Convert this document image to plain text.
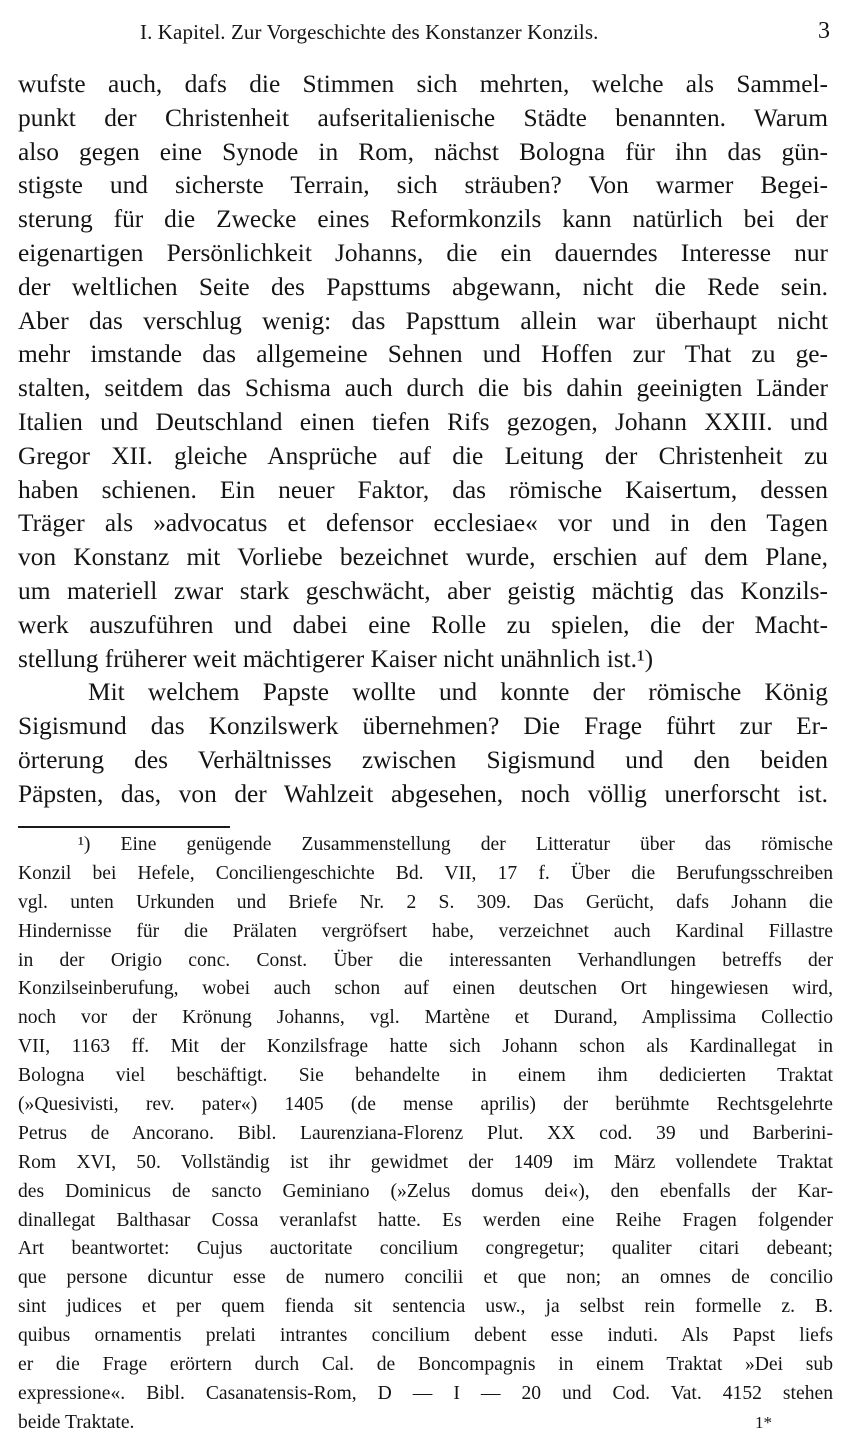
I. Kapitel. Zur Vorgeschichte des Konstanzer Konzils.	3
wufste auch, dafs die Stimmen sich mehrten, welche als Sammel-
punkt der Christenheit aufseritalienische Städte benannten. Warum
also gegen eine Synode in Rom, nächst Bologna für ihn das gün-
stigste und sicherste Terrain, sich sträuben? Von warmer Begei-
sterung für die Zwecke eines Reformkonzils kann natürlich bei der
eigenartigen Persönlichkeit Johanns, die ein dauerndes Interesse nur
der weltlichen Seite des Papsttums abgewann, nicht die Rede sein.
Aber das verschlug wenig: das Papsttum allein war überhaupt nicht
mehr imstande das allgemeine Sehnen und Hoffen zur That zu ge-
stalten, seitdem das Schisma auch durch die bis dahin geeinigten Länder
Italien und Deutschland einen tiefen Rifs gezogen, Johann XXIII. und
Gregor XII. gleiche Ansprüche auf die Leitung der Christenheit zu
haben schienen. Ein neuer Faktor, das römische Kaisertum, dessen
Träger als »advocatus et defensor ecclesiae« vor und in den Tagen
von Konstanz mit Vorliebe bezeichnet wurde, erschien auf dem Plane,
um materiell zwar stark geschwächt, aber geistig mächtig das Konzils-
werk auszuführen und dabei eine Rolle zu spielen, die der Macht-
stellung früherer weit mächtigerer Kaiser nicht unähnlich ist.¹)
Mit welchem Papste wollte und konnte der römische König
Sigismund das Konzilswerk übernehmen? Die Frage führt zur Er-
örterung des Verhältnisses zwischen Sigismund und den beiden
Päpsten, das, von der Wahlzeit abgesehen, noch völlig unerforscht ist.
¹) Eine genügende Zusammenstellung der Litteratur über das römische
Konzil bei Hefele, Conciliengeschichte Bd. VII, 17 f. Über die Berufungsschreiben
vgl. unten Urkunden und Briefe Nr. 2 S. 309. Das Gerücht, dafs Johann die
Hindernisse für die Prälaten vergröfsert habe, verzeichnet auch Kardinal Fillastre
in der Origio conc. Const. Über die interessanten Verhandlungen betreffs der
Konzilseinberufung, wobei auch schon auf einen deutschen Ort hingewiesen wird,
noch vor der Krönung Johanns, vgl. Martène et Durand, Amplissima Collectio
VII, 1163 ff. Mit der Konzilsfrage hatte sich Johann schon als Kardinallegat in
Bologna viel beschäftigt. Sie behandelte in einem ihm dedicierten Traktat
(»Quesivisti, rev. pater«) 1405 (de mense aprilis) der berühmte Rechtsgelehrte
Petrus de Ancorano. Bibl. Laurenziana-Florenz Plut. XX cod. 39 und Barberini-
Rom XVI, 50. Vollständig ist ihr gewidmet der 1409 im März vollendete Traktat
des Dominicus de sancto Geminiano (»Zelus domus dei«), den ebenfalls der Kar-
dinallegat Balthasar Cossa veranlafst hatte. Es werden eine Reihe Fragen folgender
Art beantwortet: Cujus auctoritate concilium congregetur; qualiter citari debeant;
que persone dicuntur esse de numero concilii et que non; an omnes de concilio
sint judices et per quem fienda sit sentencia usw., ja selbst rein formelle z. B.
quibus ornamentis prelati intrantes concilium debent esse induti. Als Papst liefs
er die Frage erörtern durch Cal. de Boncompagnis in einem Traktat »Dei sub
expressione«. Bibl. Casanatensis-Rom, D — I — 20 und Cod. Vat. 4152 stehen
beide Traktate.	1*
